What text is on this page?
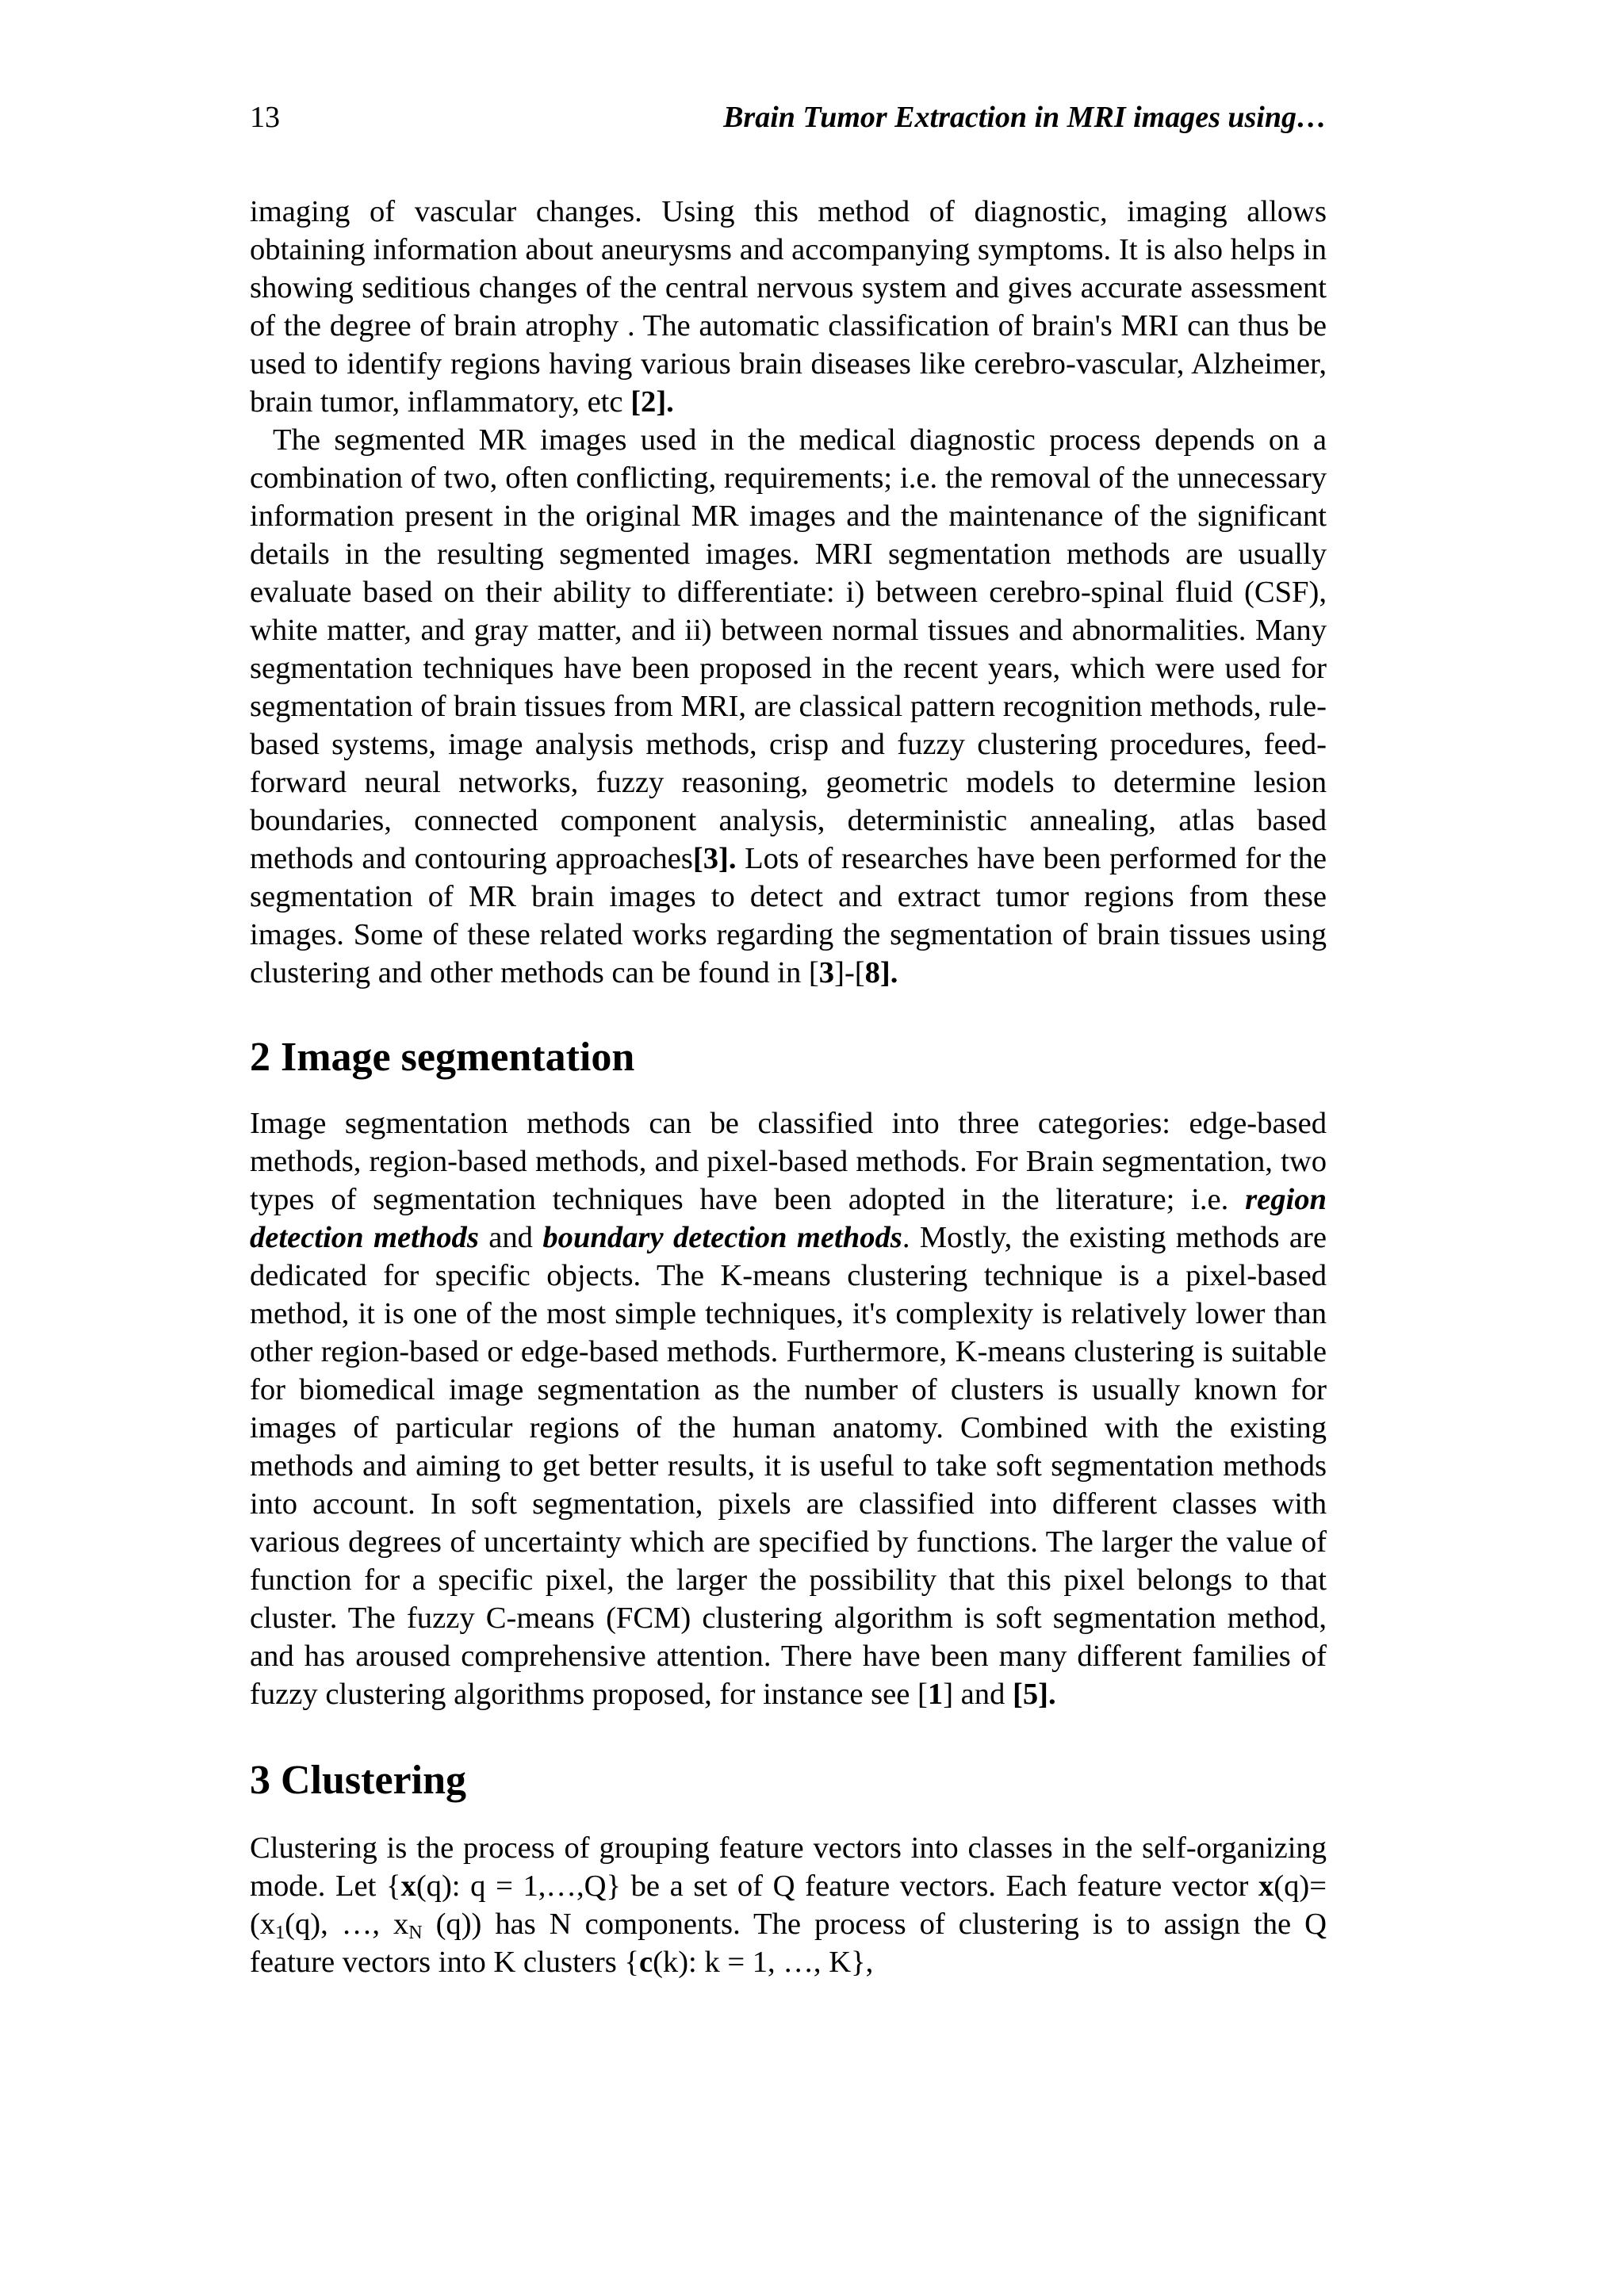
13	Brain Tumor Extraction in MRI images using…

imaging of vascular changes. Using this method of diagnostic, imaging allows obtaining information about aneurysms and accompanying symptoms. It is also helps in showing seditious changes of the central nervous system and gives accurate assessment of the degree of brain atrophy . The automatic classification of brain's MRI can thus be used to identify regions having various brain diseases like cerebro-vascular, Alzheimer, brain tumor, inflammatory, etc [2].

The segmented MR images used in the medical diagnostic process depends on a combination of two, often conflicting, requirements; i.e. the removal of the unnecessary information present in the original MR images and the maintenance of the significant details in the resulting segmented images. MRI segmentation methods are usually evaluate based on their ability to differentiate: i) between cerebro-spinal fluid (CSF), white matter, and gray matter, and ii) between normal tissues and abnormalities. Many segmentation techniques have been proposed in the recent years, which were used for segmentation of brain tissues from MRI, are classical pattern recognition methods, rule-based systems, image analysis methods, crisp and fuzzy clustering procedures, feed-forward neural networks, fuzzy reasoning, geometric models to determine lesion boundaries, connected component analysis, deterministic annealing, atlas based methods and contouring approaches[3]. Lots of researches have been performed for the segmentation of MR brain images to detect and extract tumor regions from these images. Some of these related works regarding the segmentation of brain tissues using clustering and other methods can be found in [3]-[8].

2 Image segmentation

Image segmentation methods can be classified into three categories: edge-based methods, region-based methods, and pixel-based methods. For Brain segmentation, two types of segmentation techniques have been adopted in the literature; i.e. region detection methods and boundary detection methods. Mostly, the existing methods are dedicated for specific objects. The K-means clustering technique is a pixel-based method, it is one of the most simple techniques, it's complexity is relatively lower than other region-based or edge-based methods. Furthermore, K-means clustering is suitable for biomedical image segmentation as the number of clusters is usually known for images of particular regions of the human anatomy. Combined with the existing methods and aiming to get better results, it is useful to take soft segmentation methods into account. In soft segmentation, pixels are classified into different classes with various degrees of uncertainty which are specified by functions. The larger the value of function for a specific pixel, the larger the possibility that this pixel belongs to that cluster. The fuzzy C-means (FCM) clustering algorithm is soft segmentation method, and has aroused comprehensive attention. There have been many different families of fuzzy clustering algorithms proposed, for instance see [1] and [5].

3 Clustering

Clustering is the process of grouping feature vectors into classes in the self-organizing mode. Let {x(q): q = 1,…,Q} be a set of Q feature vectors. Each feature vector $x(q)= (x_1(q)$, …, $x_N$ (q)) has N components. The process of clustering is to assign the Q feature vectors into K clusters {c(k): k = 1, …, K},
